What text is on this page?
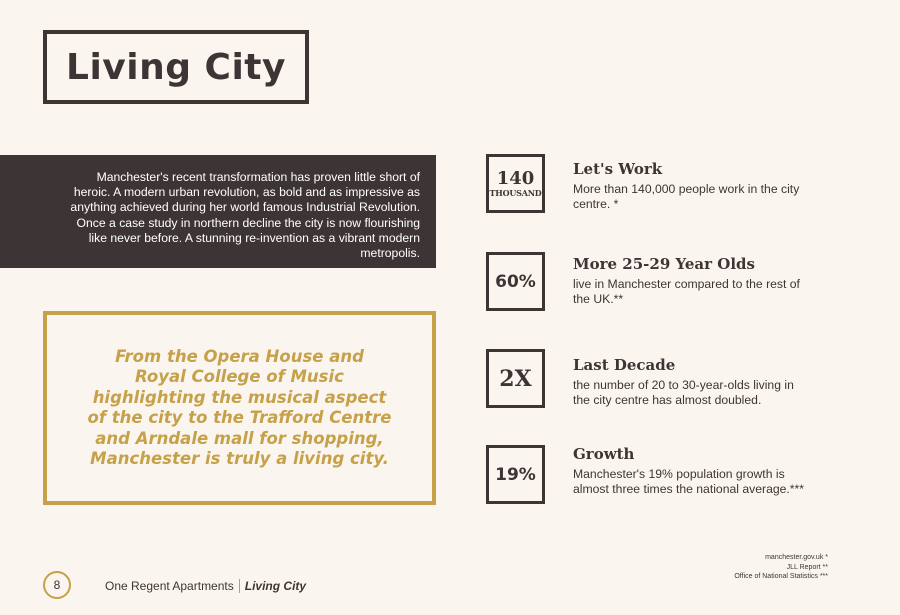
Living City
Manchester's recent transformation has proven little short of heroic. A modern urban revolution, as bold and as impressive as anything achieved during her world famous Industrial Revolution. Once a case study in northern decline the city is now flourishing like never before. A stunning re-invention as a vibrant modern metropolis.

From the Opera House and Royal College of Music highlighting the musical aspect of the city to the Trafford Centre and Arndale mall for shopping, Manchester is truly a living city.

140
THOUSAND
Let's Work

More than 140,000 people work in the city centre. *

60%
More 25-29 Year Olds

live in Manchester compared to the rest of the UK.**

2X
Last Decade

the number of 20 to 30-year-olds living in the city centre has almost doubled.

19%
Growth

Manchester's 19% population growth is almost three times the national average.***

manchester.gov.uk *
JLL Report **
Office of National Statistics ***
8	One Regent Apartments Living City
